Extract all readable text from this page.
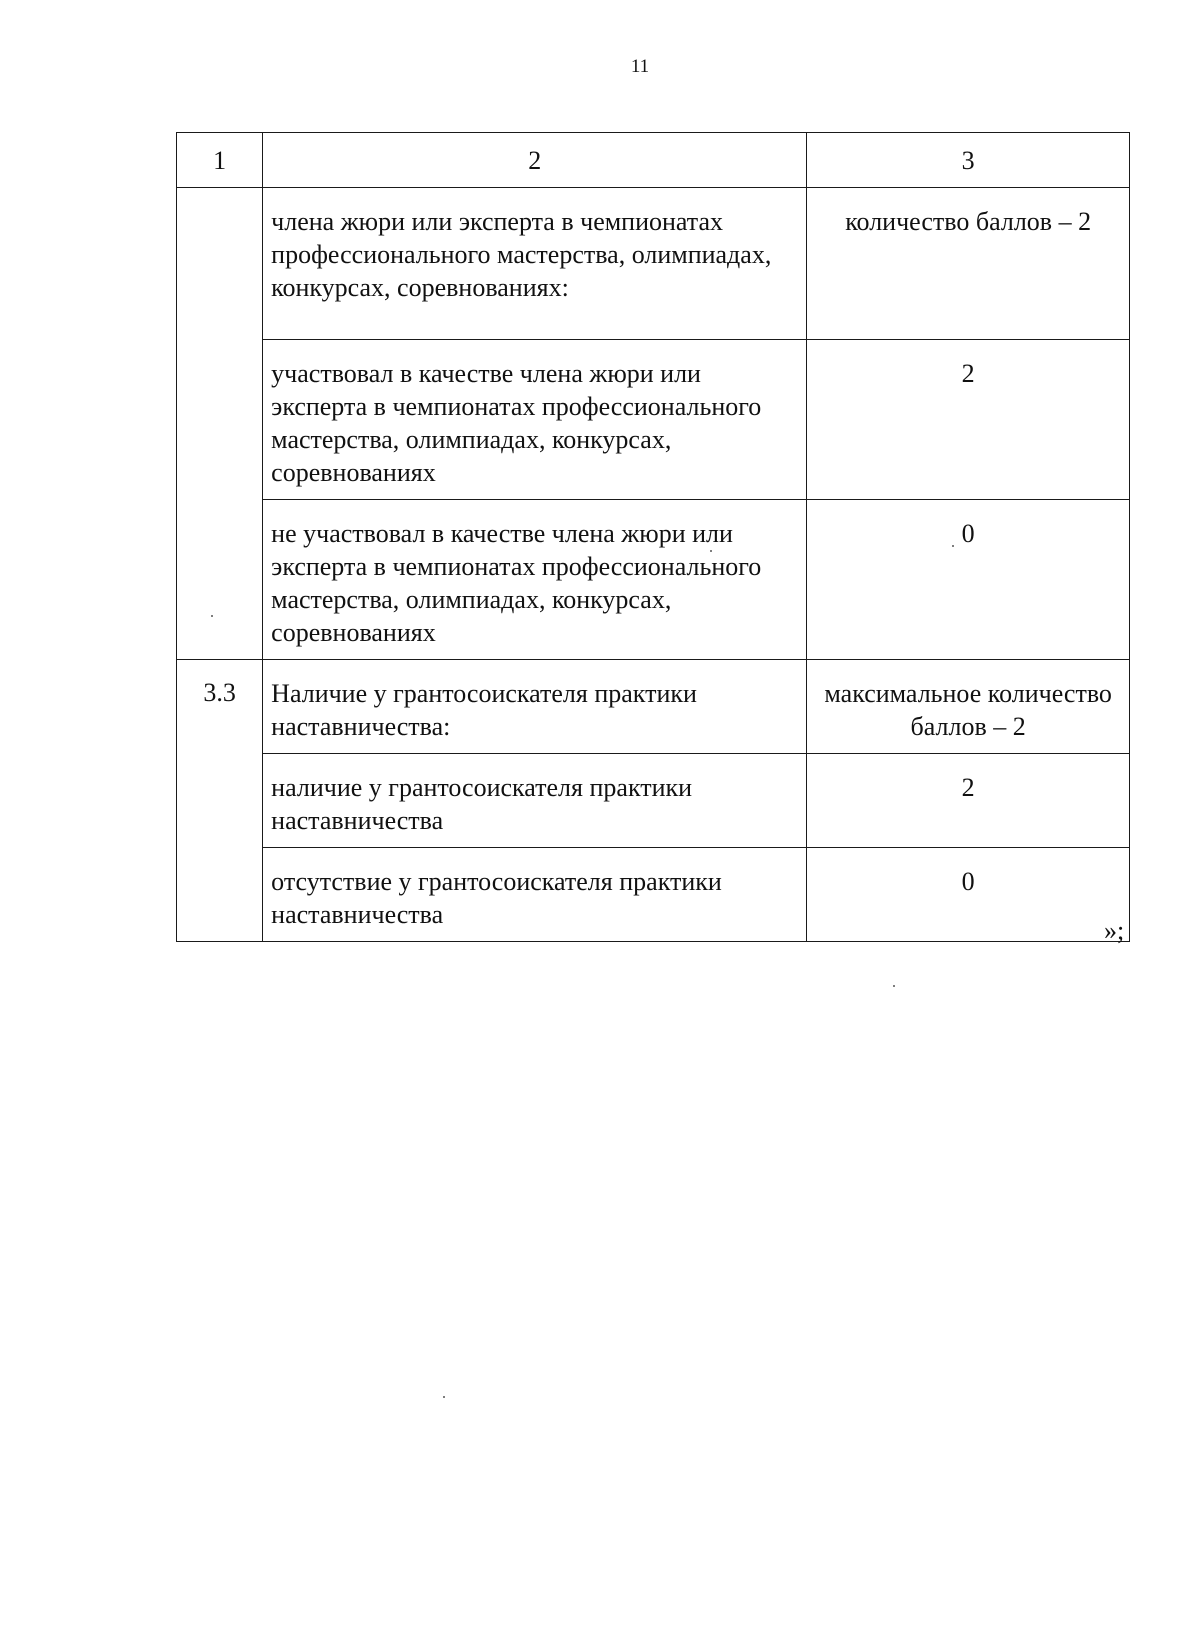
11
1	2	3
	члена жюри или эксперта в чемпионатах профессионального мастерства, олимпиадах, конкурсах, соревнованиях:	количество баллов – 2
	участвовал в качестве члена жюри или эксперта в чемпионатах профессионального мастерства, олимпиадах, конкурсах, соревнованиях	2
	не участвовал в качестве члена жюри или эксперта в чемпионатах профессионального мастерства, олимпиадах, конкурсах, соревнованиях	0
3.3	Наличие у грантосоискателя практики наставничества:	максимальное количество баллов – 2
	наличие у грантосоискателя практики наставничества	2
	отсутствие у грантосоискателя практики наставничества	0
»;
